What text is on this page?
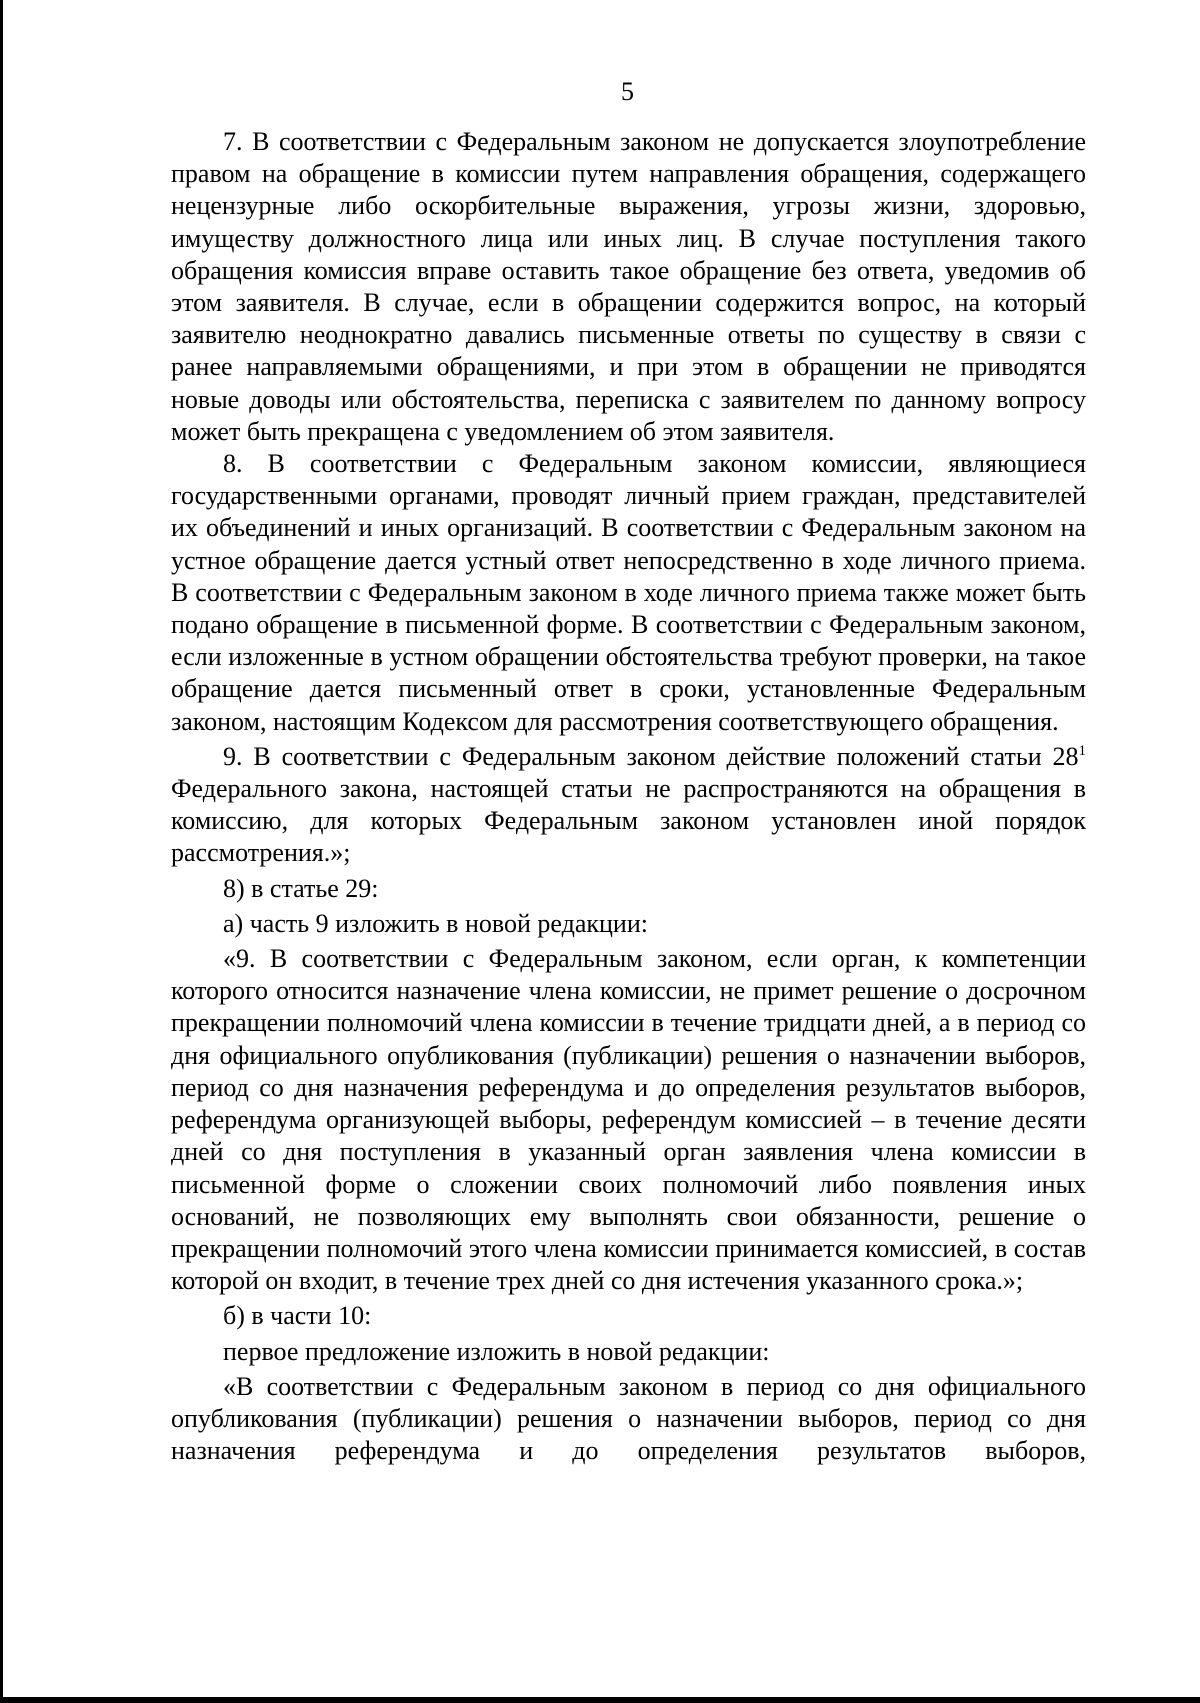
5

7. В соответствии с Федеральным законом не допускается злоупотребление правом на обращение в комиссии путем направления обращения, содержащего нецензурные либо оскорбительные выражения, угрозы жизни, здоровью, имуществу должностного лица или иных лиц. В случае поступления такого обращения комиссия вправе оставить такое обращение без ответа, уведомив об этом заявителя. В случае, если в обращении содержится вопрос, на который заявителю неоднократно давались письменные ответы по существу в связи с ранее направляемыми обращениями, и при этом в обращении не приводятся новые доводы или обстоятельства, переписка с заявителем по данному вопросу может быть прекращена с уведомлением об этом заявителя.

8. В соответствии с Федеральным законом комиссии, являющиеся государственными органами, проводят личный прием граждан, представителей их объединений и иных организаций. В соответствии с Федеральным законом на устное обращение дается устный ответ непосредственно в ходе личного приема. В соответствии с Федеральным законом в ходе личного приема также может быть подано обращение в письменной форме. В соответствии с Федеральным законом, если изложенные в устном обращении обстоятельства требуют проверки, на такое обращение дается письменный ответ в сроки, установленные Федеральным законом, настоящим Кодексом для рассмотрения соответствующего обращения.

9. В соответствии с Федеральным законом действие положений статьи 28$^1$ Федерального закона, настоящей статьи не распространяются на обращения в комиссию, для которых Федеральным законом установлен иной порядок рассмотрения.»;

8) в статье 29:

а) часть 9 изложить в новой редакции:

«9. В соответствии с Федеральным законом, если орган, к компетенции которого относится назначение члена комиссии, не примет решение о досрочном прекращении полномочий члена комиссии в течение тридцати дней, а в период со дня официального опубликования (публикации) решения о назначении выборов, период со дня назначения референдума и до определения результатов выборов, референдума организующей выборы, референдум комиссией – в течение десяти дней со дня поступления в указанный орган заявления члена комиссии в письменной форме о сложении своих полномочий либо появления иных оснований, не позволяющих ему выполнять свои обязанности, решение о прекращении полномочий этого члена комиссии принимается комиссией, в состав которой он входит, в течение трех дней со дня истечения указанного срока.»;

б) в части 10:

первое предложение изложить в новой редакции:

«В соответствии с Федеральным законом в период со дня официального опубликования (публикации) решения о назначении выборов, период со дня назначения референдума и до определения результатов выборов,
